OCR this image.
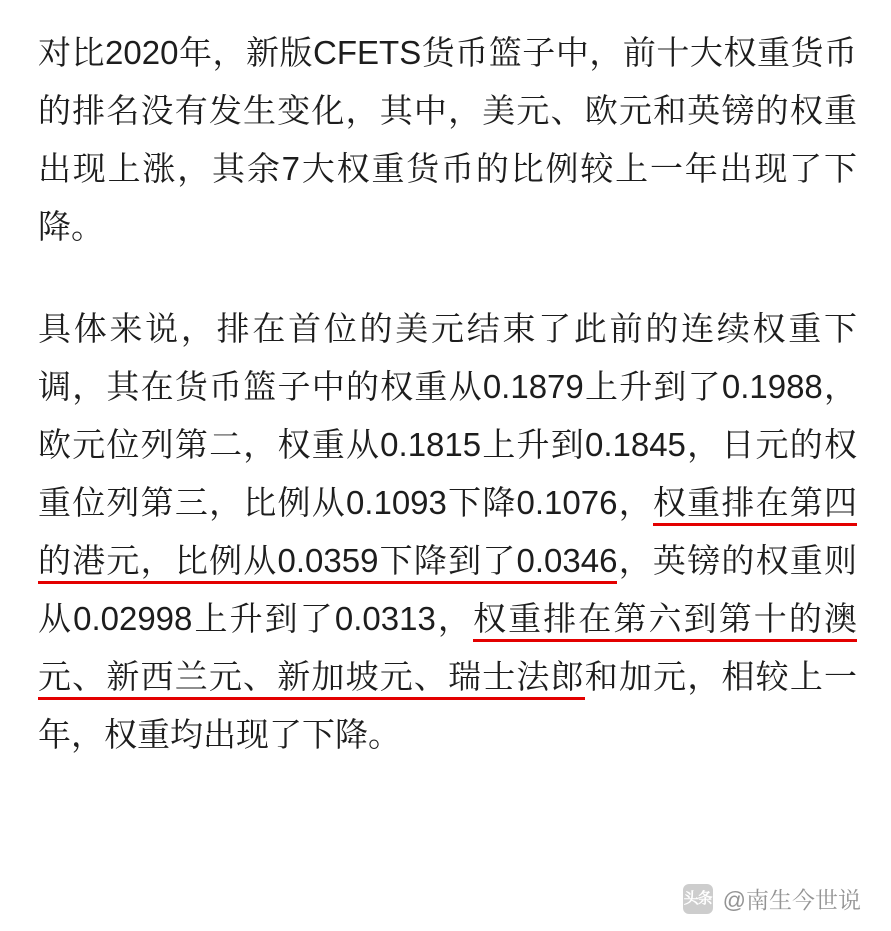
对比2020年，新版CFETS货币篮子中，前十大权重货币的排名没有发生变化，其中，美元、欧元和英镑的权重出现上涨，其余7大权重货币的比例较上一年出现了下降。

具体来说，排在首位的美元结束了此前的连续权重下调，其在货币篮子中的权重从0.1879上升到了0.1988，欧元位列第二，权重从0.1815上升到0.1845，日元的权重位列第三，比例从0.1093下降0.1076，权重排在第四的港元，比例从0.0359下降到了0.0346，英镑的权重则从0.02998上升到了0.0313，权重排在第六到第十的澳元、新西兰元、新加坡元、瑞士法郎和加元，相较上一年，权重均出现了下降。

头条 @南生今世说
